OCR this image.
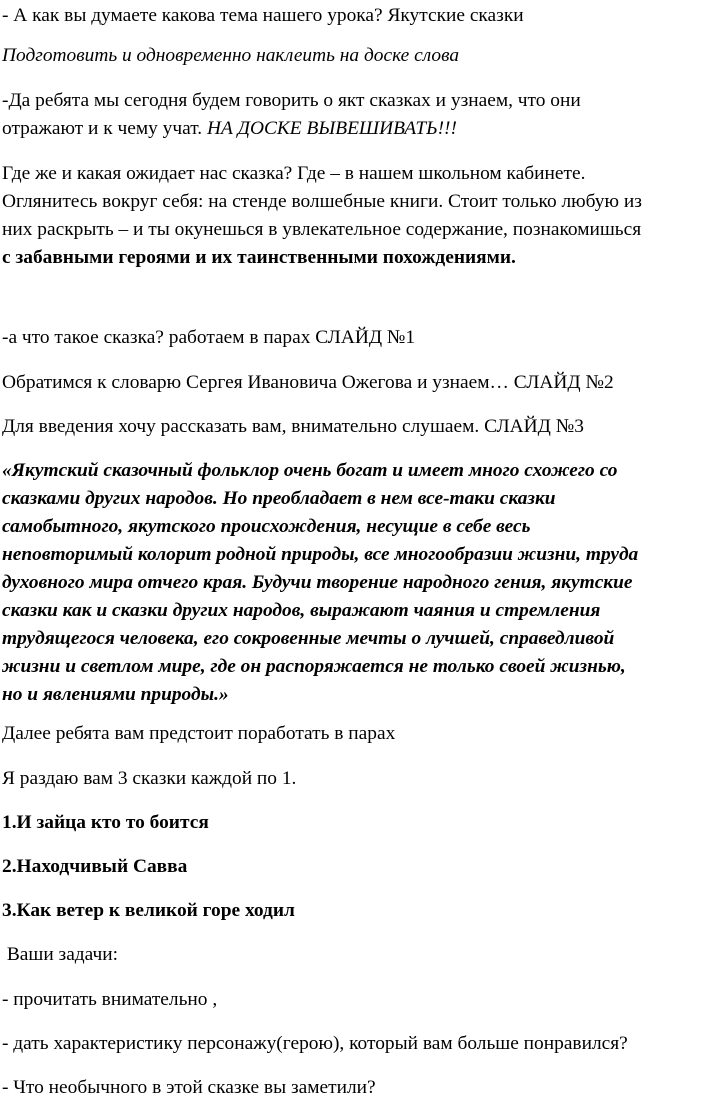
- А как вы думаете какова тема нашего урока? Якутские сказки
Подготовить и одновременно наклеить на доске слова
-Да ребята мы сегодня будем говорить о якт сказках и узнаем, что они
отражают и к чему учат. НА ДОСКЕ ВЫВЕШИВАТЬ!!!
Где же и какая ожидает нас сказка? Где – в нашем школьном кабинете.
Оглянитесь вокруг себя: на стенде волшебные книги. Стоит только любую из
них раскрыть – и ты окунешься в увлекательное содержание, познакомишься
с забавными героями и их таинственными похождениями.
-а что такое сказка? работаем в парах СЛАЙД №1
Обратимся к словарю Сергея Ивановича Ожегова и узнаем… СЛАЙД №2
Для введения хочу рассказать вам, внимательно слушаем. СЛАЙД №3
«Якутский сказочный фольклор очень богат и имеет много схожего со
сказками других народов. Но преобладает в нем все-таки сказки
самобытного, якутского происхождения, несущие в себе весь
неповторимый колорит родной природы, все многообразии жизни, труда
духовного мира отчего края. Будучи творение народного гения, якутские
сказки как и сказки других народов, выражают чаяния и стремления
трудящегося человека, его сокровенные мечты о лучшей, справедливой
жизни и светлом мире, где он распоряжается не только своей жизнью,
но и явлениями природы.»
Далее ребята вам предстоит поработать в парах
Я раздаю вам 3 сказки каждой по 1.
1.И зайца кто то боится
2.Находчивый Савва
3.Как ветер к великой горе ходил
Ваши задачи:
- прочитать внимательно ,
- дать характеристику персонажу(герою), который вам больше понравился?
- Что необычного в этой сказке вы заметили?
